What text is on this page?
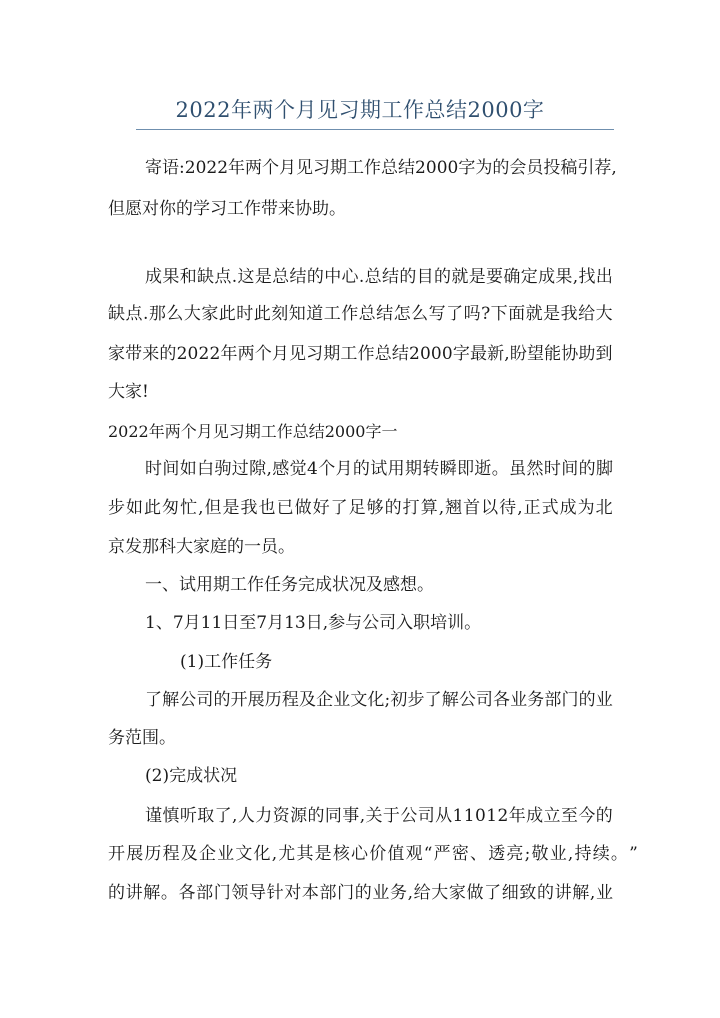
2022年两个月见习期工作总结2000字
寄 语 : 2 0 2 2 年 两 个 月 见 习 期 工 作 总 结 2 0 0 0 字 为 的 会 员 投 稿 引 荐 ,
但愿对你的学习工作带来协助。
成 果 和 缺 点 . 这 是 总 结 的 中 心 . 总 结 的 目 的 就 是 要 确 定 成 果 , 找 出
缺 点 . 那 么 大 家 此 时 此 刻 知 道 工 作 总 结 怎 么 写 了 吗 ? 下 面 就 是 我 给 大
家 带 来 的 2 0 2 2 年 两 个 月 见 习 期 工 作 总 结 2 0 0 0 字 最 新 , 盼 望 能 协 助 到
大家!
2022年两个月见习期工作总结2000字一
时 间 如 白 驹 过 隙 , 感 觉 4 个 月 的 试 用 期 转 瞬 即 逝 。 虽 然 时 间 的 脚
步 如 此 匆 忙 , 但 是 我 也 已 做 好 了 足 够 的 打 算 , 翘 首 以 待 , 正 式 成 为 北
京发那科大家庭的一员。
一、试用期工作任务完成状况及感想。
1、7月11日至7月13日,参与公司入职培训。
(1)工作任务
了 解 公 司 的 开 展 历 程 及 企 业 文 化 ; 初 步 了 解 公 司 各 业 务 部 门 的 业
务范围。
(2)完成状况
谨 慎 听 取 了 , 人 力 资 源 的 同 事 , 关 于 公 司 从 1 1 0 1 2 年 成 立 至 今 的
开 展 历 程 及 企 业 文 化 , 尤 其 是 核 心 价 值 观 “ 严 密 、 透 亮 ; 敬 业 , 持 续 。 ”
的 讲 解 。 各 部 门 领 导 针 对 本 部 门 的 业 务 , 给 大 家 做 了 细 致 的 讲 解 , 业
